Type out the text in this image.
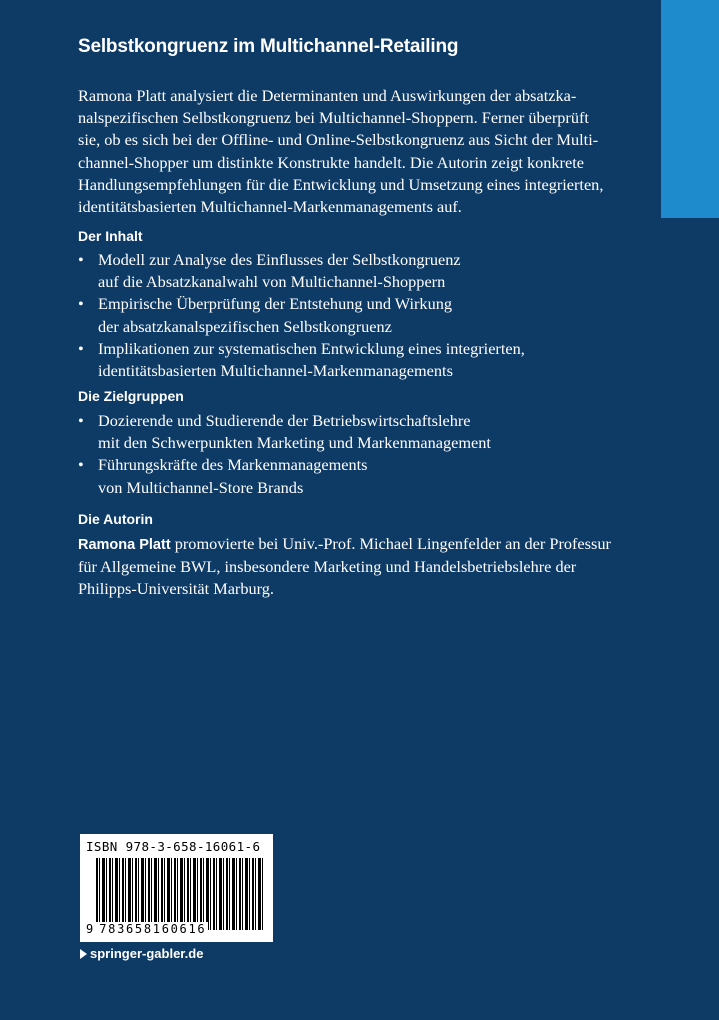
Selbstkongruenz im Multichannel-Retailing

Ramona Platt analysiert die Determinanten und Auswirkungen der absatzka-
nalspezifischen Selbstkongruenz bei Multichannel-Shoppern. Ferner überprüft
sie, ob es sich bei der Offline- und Online-Selbstkongruenz aus Sicht der Multi-
channel-Shopper um distinkte Konstrukte handelt. Die Autorin zeigt konkrete
Handlungsempfehlungen für die Entwicklung und Umsetzung eines integrierten,
identitätsbasierten Multichannel-Markenmanagements auf.

Der Inhalt
• Modell zur Analyse des Einflusses der Selbstkongruenz
auf die Absatzkanalwahl von Multichannel-Shoppern
• Empirische Überprüfung der Entstehung und Wirkung
der absatzkanalspezifischen Selbstkongruenz
• Implikationen zur systematischen Entwicklung eines integrierten,
identitätsbasierten Multichannel-Markenmanagements
Die Zielgruppen
• Dozierende und Studierende der Betriebswirtschaftslehre
mit den Schwerpunkten Marketing und Markenmanagement
• Führungskräfte des Markenmanagements
von Multichannel-Store Brands
Die Autorin

Ramona Platt promovierte bei Univ.-Prof. Michael Lingenfelder an der Professur
für Allgemeine BWL, insbesondere Marketing und Handelsbetriebslehre der
Philipps-Universität Marburg.

ISBN 978-3-658-16061-6
9 783658160616
springer-gabler.de
